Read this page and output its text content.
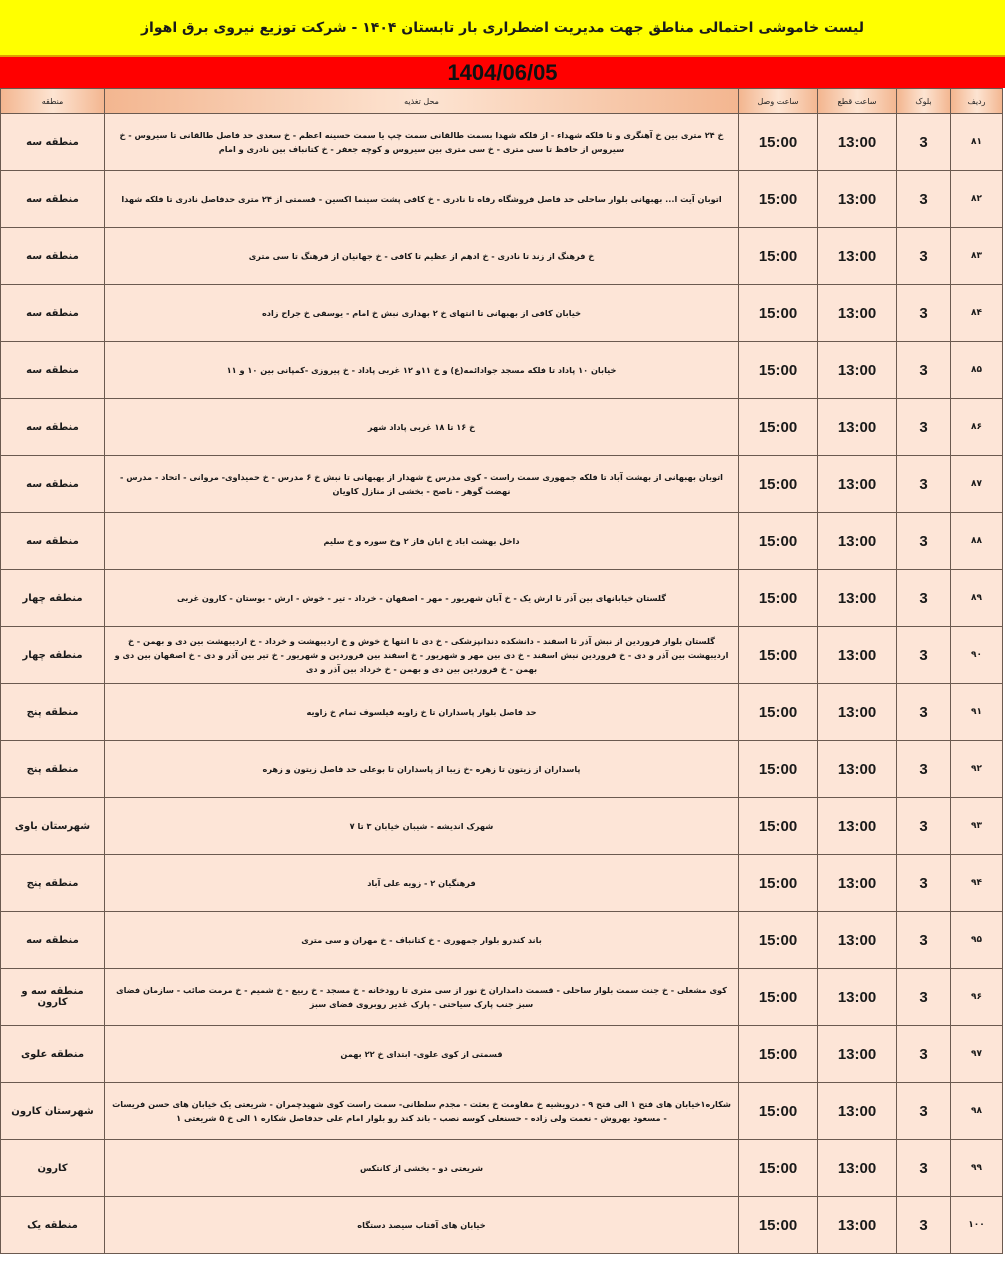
لیست خاموشی احتمالی مناطق جهت مدیریت اضطراری بار تابستان ۱۴۰۴ - شرکت توزیع نیروی برق اهواز
1404/06/05
ردیف	بلوک	ساعت قطع	ساعت وصل	محل تغذیه	منطقه
۸۱	3	13:00	15:00	خ ۲۴ متری بین خ آهنگری و تا فلکه شهداء - از فلکه شهدا بسمت طالقانی سمت چپ یا سمت حسینه اعظم - خ سعدی حد فاصل طالقانی تا سیروس - خ سیروس از حافظ تا سی متری - خ سی متری بین سیروس و کوچه جعفر - خ کتانباف بین نادری و امام	منطقه سه
۸۲	3	13:00	15:00	اتوبان آیت ا... بهبهانی بلوار ساحلی حد فاصل فروشگاه رفاه تا نادری - خ کافی پشت سینما اکسین - قسمتی از ۲۴ متری حدفاصل نادری تا فلکه شهدا	منطقه سه
۸۳	3	13:00	15:00	خ فرهنگ از زند تا نادری - خ ادهم از عظیم تا کافی - خ جهانیان از فرهنگ تا سی متری	منطقه سه
۸۴	3	13:00	15:00	خیابان کافی از بهبهانی تا انتهای خ ۲ بهداری نبش خ امام - یوسفی خ جراح زاده	منطقه سه
۸۵	3	13:00	15:00	خیابان ۱۰ پاداد تا فلکه مسجد جوادائمه(ع) و خ ۱۱و ۱۲ غربی پاداد - خ پیروزی -کمپانی بین ۱۰ و ۱۱	منطقه سه
۸۶	3	13:00	15:00	خ ۱۶ تا ۱۸ غربی پاداد شهر	منطقه سه
۸۷	3	13:00	15:00	اتوبان بهبهانی از بهشت آباد تا فلکه جمهوری سمت راست - کوی مدرس خ شهدار از بهبهانی تا نبش خ ۶ مدرس - خ حمیداوی- مروانی - اتحاد - مدرس - نهضت گوهر - ناصح - بخشی از منازل کاویان	منطقه سه
۸۸	3	13:00	15:00	داخل بهشت اباد خ ابان فاز ۲ وخ سوره و خ سلیم	منطقه سه
۸۹	3	13:00	15:00	گلستان خیابانهای بین آذر تا ارش یک - خ آبان شهریور - مهر - اصفهان - خرداد - تیر - خوش - ارش - بوستان - کارون غربی	منطقه چهار
۹۰	3	13:00	15:00	گلستان بلوار فروردین از نبش آذر تا اسفند - دانشکده دندانپزشکی - خ دی تا انتها خ خوش و خ اردیبهشت و خرداد - خ اردیبهشت بین دی و بهمن - خ اردیبهشت بین آذر و دی - خ فروردین نبش اسفند - خ دی بین مهر و شهریور - خ اسفند بین فروردین و شهریور - خ تیر بین آذر و دی - خ اصفهان بین دی و بهمن - خ فروردین بین دی و بهمن - خ خرداد بین آذر و دی	منطقه چهار
۹۱	3	13:00	15:00	حد فاصل بلوار پاسداران تا خ زاویه فیلسوف تمام خ زاویه	منطقه پنج
۹۲	3	13:00	15:00	پاسداران از زیتون تا زهره -خ زیبا از پاسداران تا بوعلی حد فاصل زیتون و زهره	منطقه پنج
۹۳	3	13:00	15:00	شهرک اندیشه - شیبان خیابان ۳ تا ۷	شهرستان باوی
۹۴	3	13:00	15:00	فرهنگیان ۲ - زویه علی آباد	منطقه پنج
۹۵	3	13:00	15:00	باند کندرو بلوار جمهوری - خ کتانباف - خ مهران و سی متری	منطقه سه
۹۶	3	13:00	15:00	کوی مشعلی - خ جنت سمت بلوار ساحلی - قسمت دامداران خ نور از سی متری تا رودخانه - خ مسجد - خ ربیع - خ شمیم - خ مرمت صائب - سازمان فضای سبز جنب پارک سیاحتی - پارک غدیر روبروی فضای سبز	منطقه سه و کارون
۹۷	3	13:00	15:00	قسمتی از کوی علوی- ابتدای خ ۲۲ بهمن	منطقه علوی
۹۸	3	13:00	15:00	شکاره۱خیابان های فتح ۱ الی فتح ۹ - درویشیه خ مقاومت خ بعثت - مجدم سلطانی- سمت راست کوی شهیدچمران - شریعتی یک خیابان های حسن فریسات - مسعود بهروش - نعمت ولی زاده - حسنعلی کوسه نصب - باند کند رو بلوار امام علی حدفاصل شکاره ۱ الی خ ۵ شریعتی ۱	شهرستان کارون
۹۹	3	13:00	15:00	شریعتی دو - بخشی از کانتکس	کارون
۱۰۰	3	13:00	15:00	خیابان های آفتاب سیصد دستگاه	منطقه یک
